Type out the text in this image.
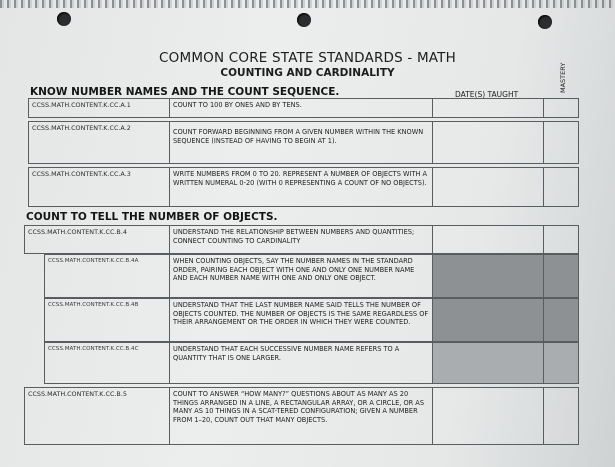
COMMON CORE STATE STANDARDS - MATH
COUNTING AND CARDINALITY
KNOW NUMBER NAMES AND THE COUNT SEQUENCE.	DATE(S) TAUGHT
MASTERY
CCSS.MATH.CONTENT.K.CC.A.1	COUNT TO 100 BY ONES AND BY TENS.
CCSS.MATH.CONTENT.K.CC.A.2	COUNT FORWARD BEGINNING FROM A GIVEN NUMBER WITHIN THE KNOWN SEQUENCE (INSTEAD OF HAVING TO BEGIN AT 1).
CCSS.MATH.CONTENT.K.CC.A.3	WRITE NUMBERS FROM 0 TO 20. REPRESENT A NUMBER OF OBJECTS WITH A WRITTEN NUMERAL 0-20 (WITH 0 REPRESENTING A COUNT OF NO OBJECTS).
COUNT TO TELL THE NUMBER OF OBJECTS.
CCSS.MATH.CONTENT.K.CC.B.4	UNDERSTAND THE RELATIONSHIP BETWEEN NUMBERS AND QUANTITIES; CONNECT COUNTING TO CARDINALITY
CCSS.MATH.CONTENT.K.CC.B.4A	WHEN COUNTING OBJECTS, SAY THE NUMBER NAMES IN THE STANDARD ORDER, PAIRING EACH OBJECT WITH ONE AND ONLY ONE NUMBER NAME AND EACH NUMBER NAME WITH ONE AND ONLY ONE OBJECT.
CCSS.MATH.CONTENT.K.CC.B.4B	UNDERSTAND THAT THE LAST NUMBER NAME SAID TELLS THE NUMBER OF OBJECTS COUNTED. THE NUMBER OF OBJECTS IS THE SAME REGARDLESS OF THEIR ARRANGEMENT OR THE ORDER IN WHICH THEY WERE COUNTED.
CCSS.MATH.CONTENT.K.CC.B.4C	UNDERSTAND THAT EACH SUCCESSIVE NUMBER NAME REFERS TO A QUANTITY THAT IS ONE LARGER.
CCSS.MATH.CONTENT.K.CC.B.5	COUNT TO ANSWER “HOW MANY?” QUESTIONS ABOUT AS MANY AS 20 THINGS ARRANGED IN A LINE, A RECTANGULAR ARRAY, OR A CIRCLE, OR AS MANY AS 10 THINGS IN A SCAT-TERED CONFIGURATION; GIVEN A NUMBER FROM 1–20, COUNT OUT THAT MANY OBJECTS.
